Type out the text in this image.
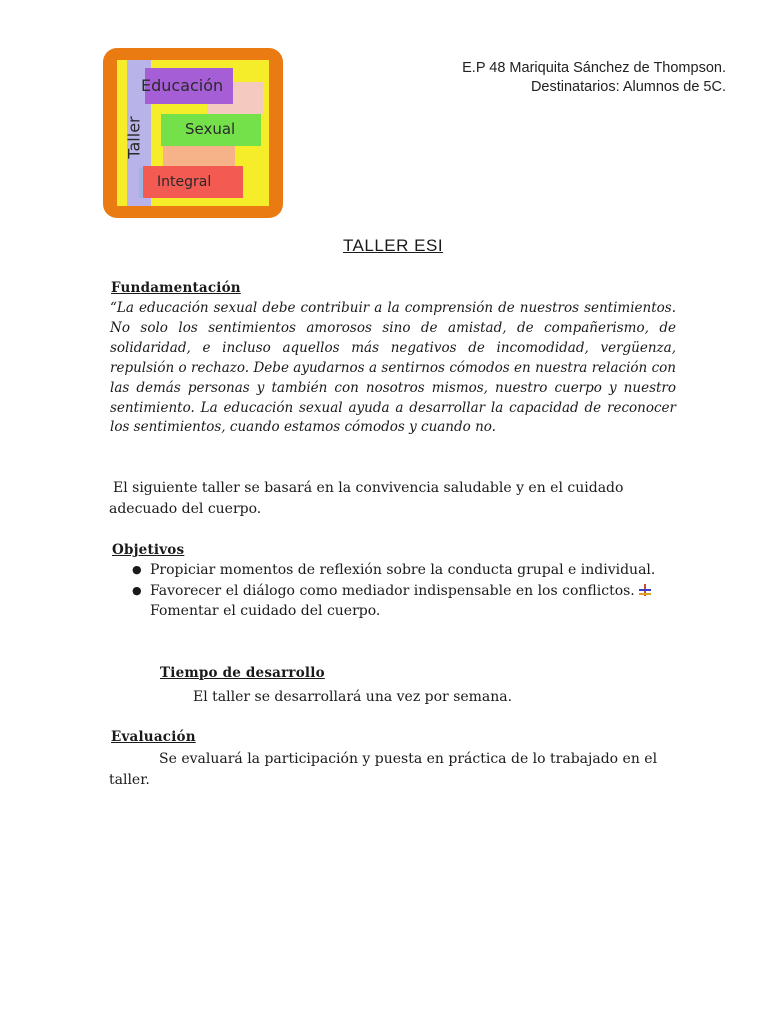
Educación
Sexual
Integral
Taller
E.P 48 Mariquita Sánchez de Thompson.
Destinatarios: Alumnos de 5C.
TALLER ESI
Fundamentación
“La educación sexual debe contribuir a la comprensión de nuestros sentimientos. No solo los sentimientos amorosos sino de amistad, de compañerismo, de solidaridad, e incluso aquellos más negativos de incomodidad, vergüenza, repulsión o rechazo. Debe ayudarnos a sentirnos cómodos en nuestra relación con las demás personas y también con nosotros mismos, nuestro cuerpo y nuestro sentimiento. La educación sexual ayuda a desarrollar la capacidad de reconocer los sentimientos, cuando estamos cómodos y cuando no.
El siguiente taller se basará en la convivencia saludable y en el cuidado
adecuado del cuerpo.
Objetivos
● Propiciar momentos de reflexión sobre la conducta grupal e individual.
● Favorecer el diálogo como mediador indispensable en los conflictos.
Fomentar el cuidado del cuerpo.
Tiempo de desarrollo
El taller se desarrollará una vez por semana.
Evaluación
Se evaluará la participación y puesta en práctica de lo trabajado en el taller.
